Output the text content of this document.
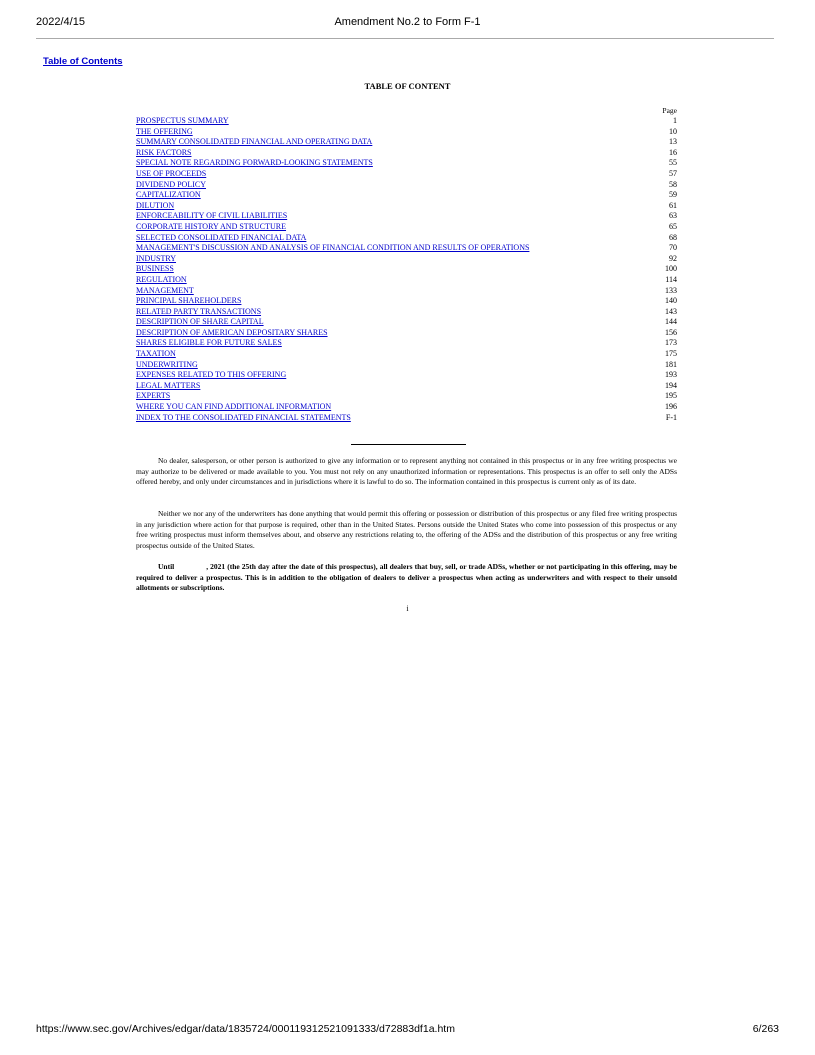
2022/4/15	Amendment No.2 to Form F-1
Table of Contents
TABLE OF CONTENT
Page
PROSPECTUS SUMMARY	1
THE OFFERING	10
SUMMARY CONSOLIDATED FINANCIAL AND OPERATING DATA	13
RISK FACTORS	16
SPECIAL NOTE REGARDING FORWARD-LOOKING STATEMENTS	55
USE OF PROCEEDS	57
DIVIDEND POLICY	58
CAPITALIZATION	59
DILUTION	61
ENFORCEABILITY OF CIVIL LIABILITIES	63
CORPORATE HISTORY AND STRUCTURE	65
SELECTED CONSOLIDATED FINANCIAL DATA	68
MANAGEMENT'S DISCUSSION AND ANALYSIS OF FINANCIAL CONDITION AND RESULTS OF OPERATIONS	70
INDUSTRY	92
BUSINESS	100
REGULATION	114
MANAGEMENT	133
PRINCIPAL SHAREHOLDERS	140
RELATED PARTY TRANSACTIONS	143
DESCRIPTION OF SHARE CAPITAL	144
DESCRIPTION OF AMERICAN DEPOSITARY SHARES	156
SHARES ELIGIBLE FOR FUTURE SALES	173
TAXATION	175
UNDERWRITING	181
EXPENSES RELATED TO THIS OFFERING	193
LEGAL MATTERS	194
EXPERTS	195
WHERE YOU CAN FIND ADDITIONAL INFORMATION	196
INDEX TO THE CONSOLIDATED FINANCIAL STATEMENTS	F-1

No dealer, salesperson, or other person is authorized to give any information or to represent anything not contained in this prospectus or in any free writing prospectus we may authorize to be delivered or made available to you. You must not rely on any unauthorized information or representations. This prospectus is an offer to sell only the ADSs offered hereby, and only under circumstances and in jurisdictions where it is lawful to do so. The information contained in this prospectus is current only as of its date.

Neither we nor any of the underwriters has done anything that would permit this offering or possession or distribution of this prospectus or any filed free writing prospectus in any jurisdiction where action for that purpose is required, other than in the United States. Persons outside the United States who come into possession of this prospectus or any free writing prospectus must inform themselves about, and observe any restrictions relating to, the offering of the ADSs and the distribution of this prospectus or any free writing prospectus outside of the United States.

Until	, 2021 (the 25th day after the date of this prospectus), all dealers that buy, sell, or trade ADSs, whether or not participating in this offering, may be required to deliver a prospectus. This is in addition to the obligation of dealers to deliver a prospectus when acting as underwriters and with respect to their unsold allotments or subscriptions.

i
https://www.sec.gov/Archives/edgar/data/1835724/000119312521091333/d72883df1a.htm	6/263
